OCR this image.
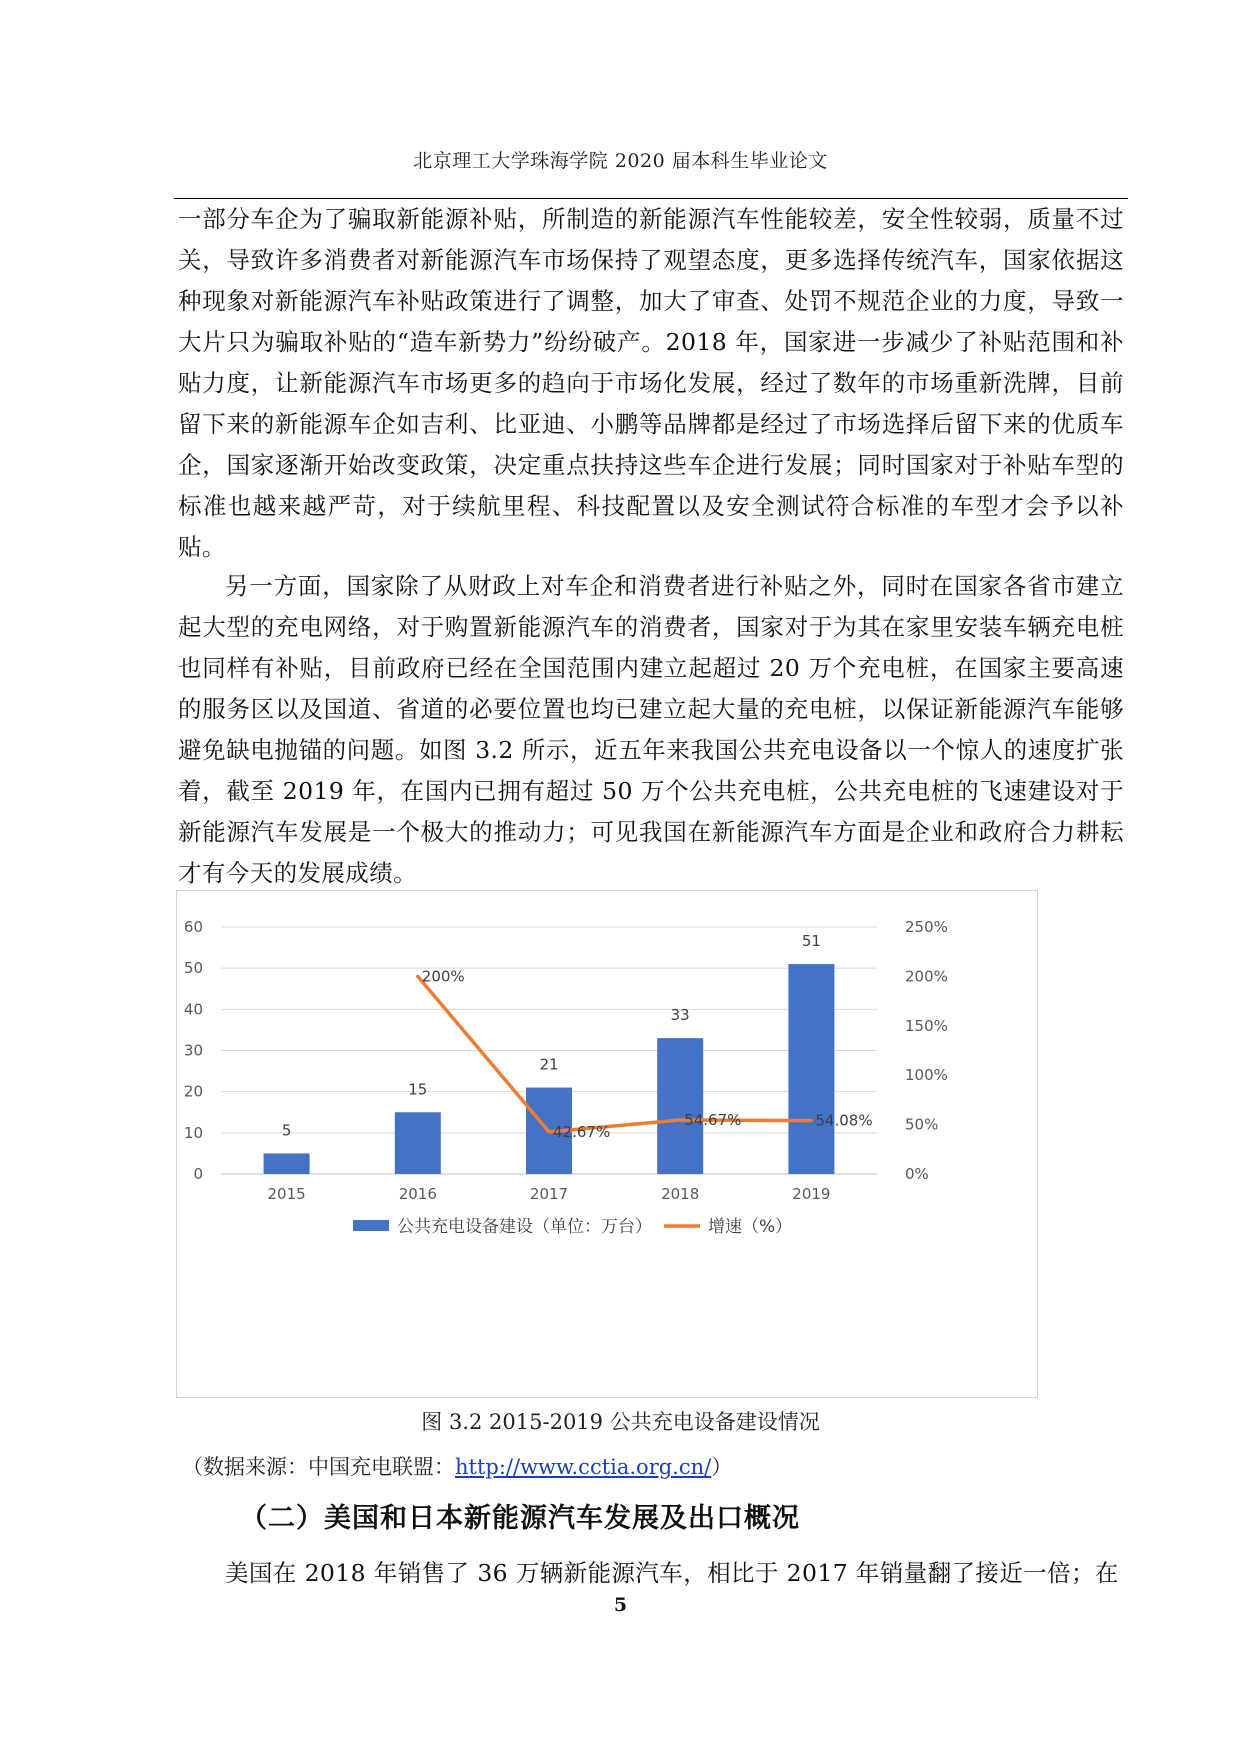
北京理工大学珠海学院 2020 届本科生毕业论文

一部分车企为了骗取新能源补贴，所制造的新能源汽车性能较差，安全性较弱，质量不过关，导致许多消费者对新能源汽车市场保持了观望态度，更多选择传统汽车，国家依据这种现象对新能源汽车补贴政策进行了调整，加大了审查、处罚不规范企业的力度，导致一大片只为骗取补贴的“造车新势力”纷纷破产。2018 年，国家进一步减少了补贴范围和补贴力度，让新能源汽车市场更多的趋向于市场化发展，经过了数年的市场重新洗牌，目前留下来的新能源车企如吉利、比亚迪、小鹏等品牌都是经过了市场选择后留下来的优质车企，国家逐渐开始改变政策，决定重点扶持这些车企进行发展；同时国家对于补贴车型的标准也越来越严苛，对于续航里程、科技配置以及安全测试符合标准的车型才会予以补贴。

另一方面，国家除了从财政上对车企和消费者进行补贴之外，同时在国家各省市建立起大型的充电网络，对于购置新能源汽车的消费者，国家对于为其在家里安装车辆充电桩也同样有补贴，目前政府已经在全国范围内建立起超过 20 万个充电桩，在国家主要高速的服务区以及国道、省道的必要位置也均已建立起大量的充电桩，以保证新能源汽车能够避免缺电抛锚的问题。如图 3.2 所示，近五年来我国公共充电设备以一个惊人的速度扩张着，截至 2019 年，在国内已拥有超过 50 万个公共充电桩，公共充电桩的飞速建设对于新能源汽车发展是一个极大的推动力；可见我国在新能源汽车方面是企业和政府合力耕耘才有今天的发展成绩。

0
10
20
30
40
50
60
0%
50%
100%
150%
200%
250%
5
15
21
33
51
2015	2016	2017	2018	2019
200%
42.67%
54.67%	54.08%
公共充电设备建设（单位：万台）	增速（%）
图 3.2 2015-2019 公共充电设备建设情况
（数据来源：中国充电联盟：http://www.cctia.org.cn/）
（二）美国和日本新能源汽车发展及出口概况

美国在 2018 年销售了 36 万辆新能源汽车，相比于 2017 年销量翻了接近一倍；在

5
